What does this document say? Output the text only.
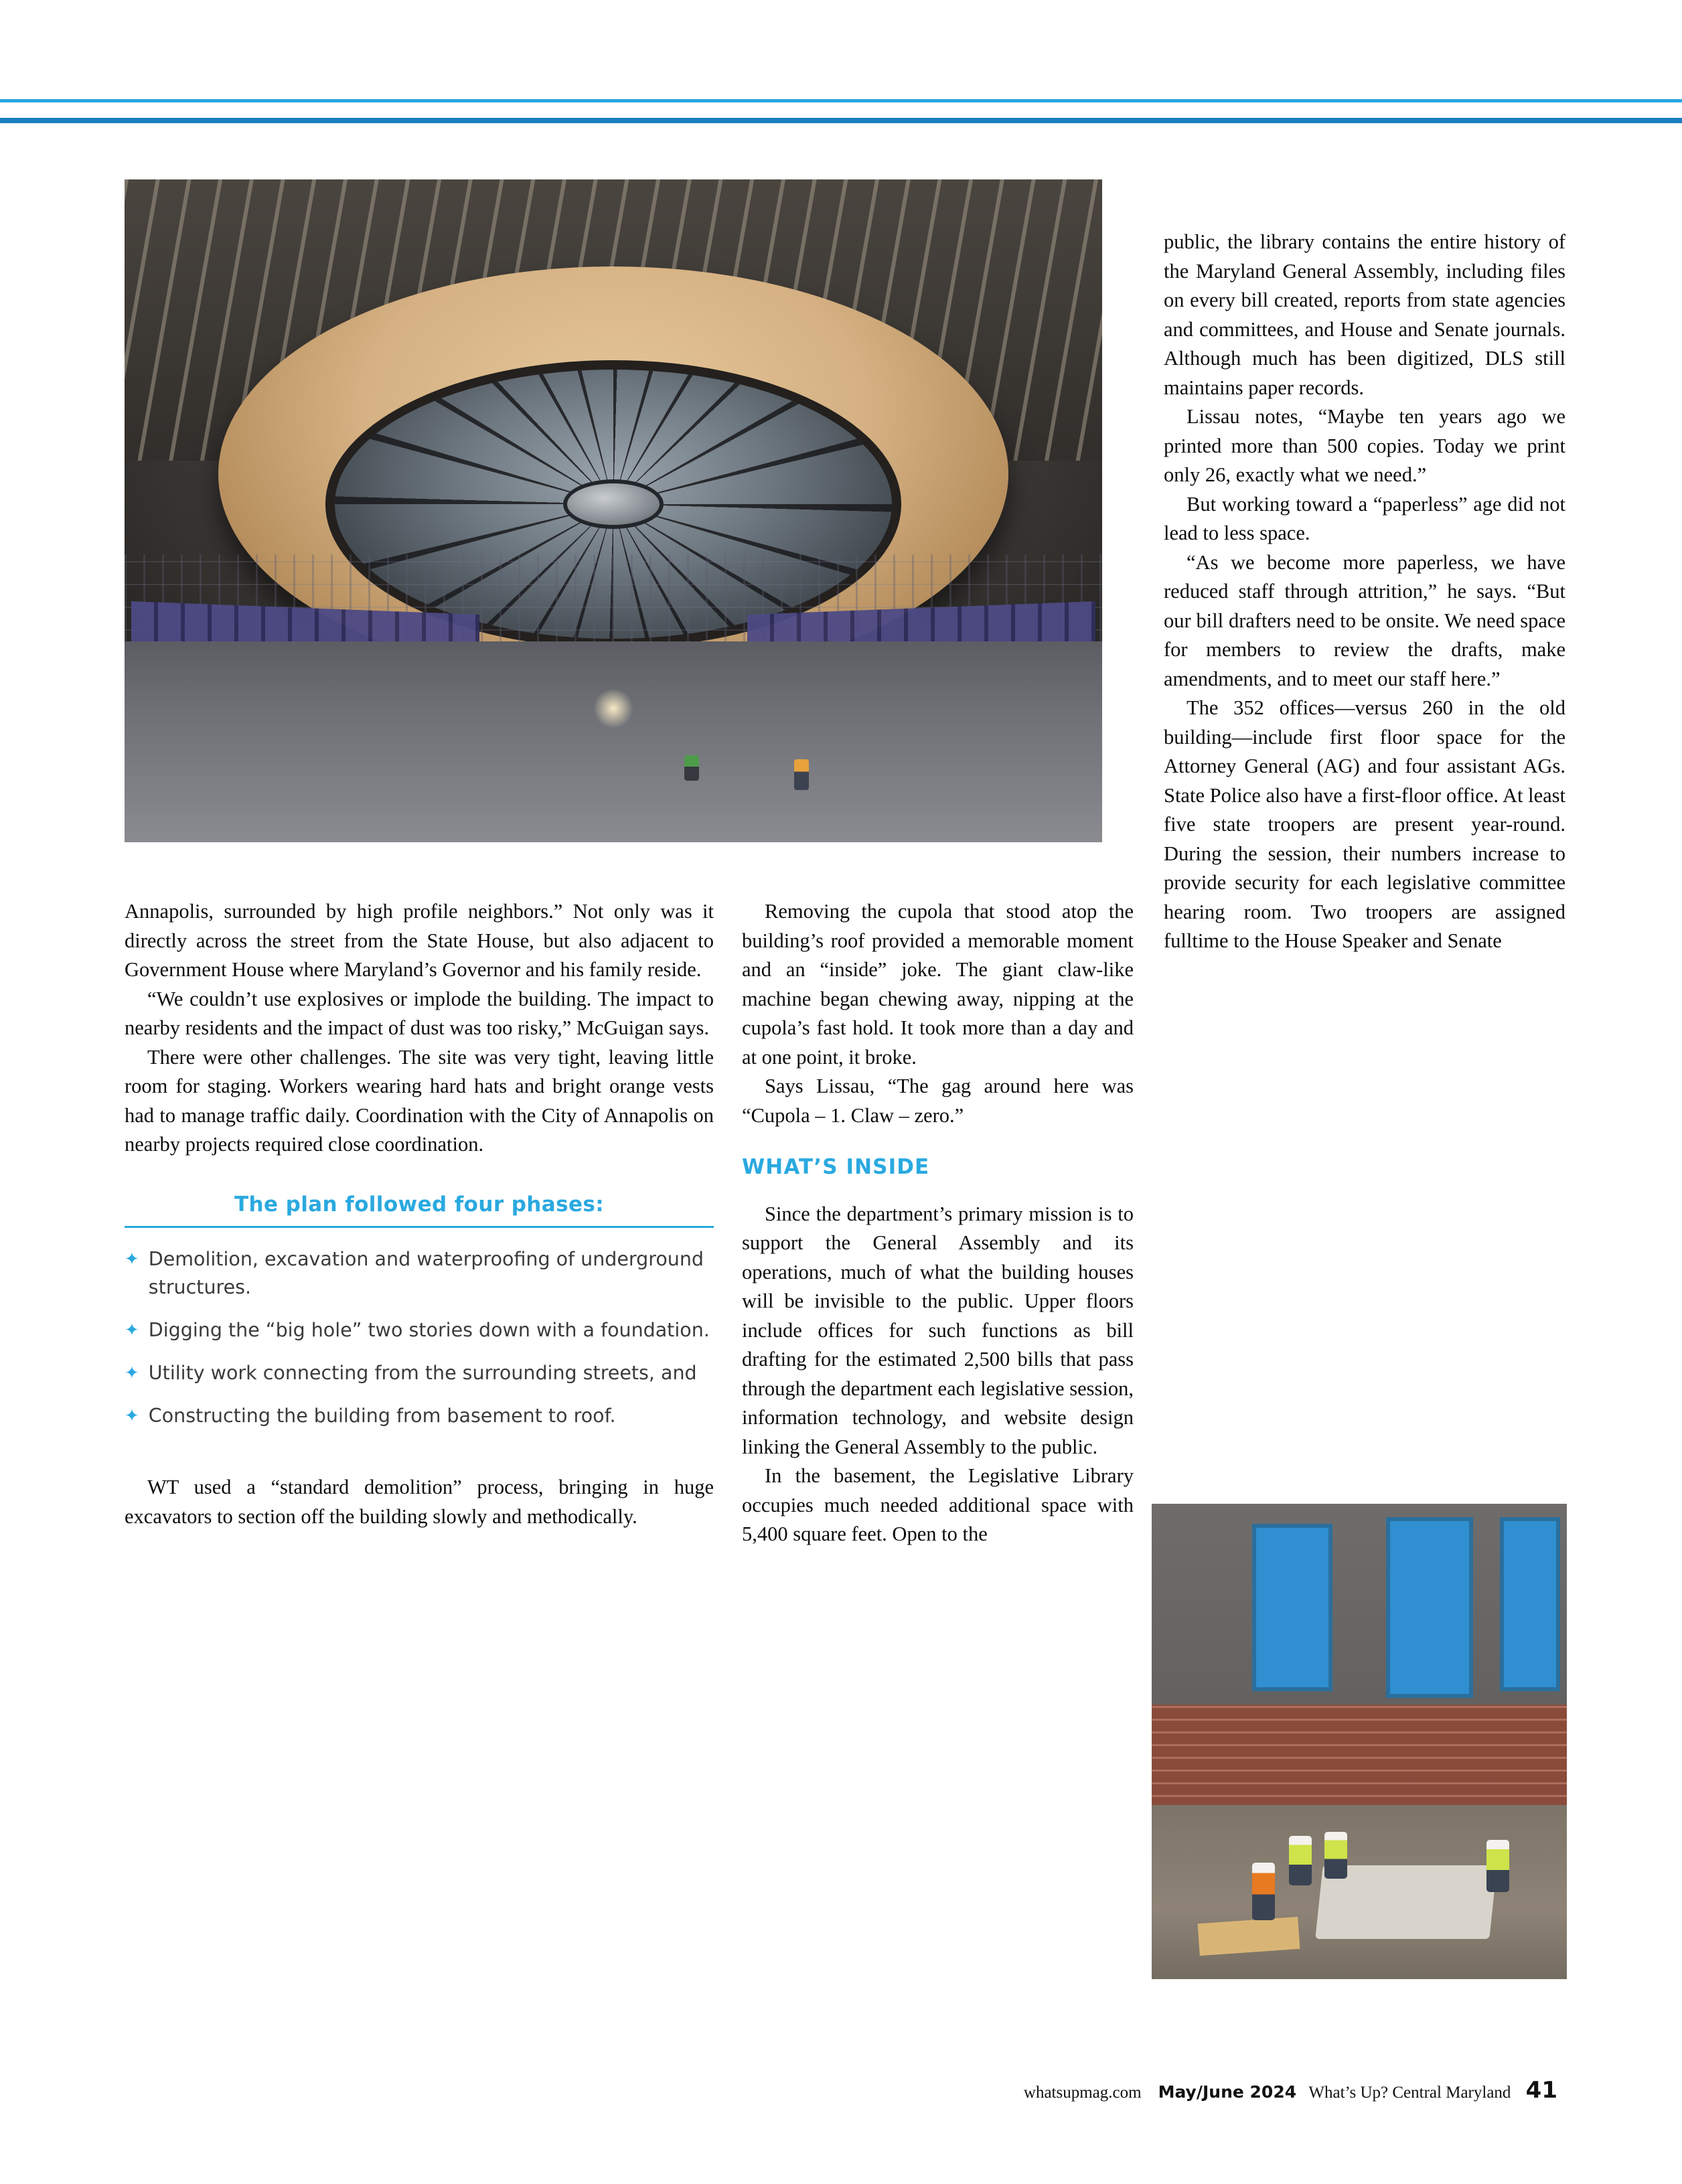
Annapolis, surrounded by high profile neighbors.” Not only was it directly across the street from the State House, but also adjacent to Government House where Maryland’s Governor and his family reside.

“We couldn’t use explosives or implode the building. The impact to nearby residents and the impact of dust was too risky,” McGuigan says.

There were other challenges. The site was very tight, leaving little room for staging. Workers wearing hard hats and bright orange vests had to manage traffic daily. Coordination with the City of Annapolis on nearby projects required close coordination.

The plan followed four phases:
✦ Demolition, excavation and waterproofing of underground structures.
✦ Digging the “big hole” two stories down with a foundation.
✦ Utility work connecting from the surrounding streets, and
✦ Constructing the building from basement to roof.

WT used a “standard demolition” process, bringing in huge excavators to section off the building slowly and methodically.

Removing the cupola that stood atop the building’s roof provided a memorable moment and an “inside” joke. The giant claw-like machine began chewing away, nipping at the cupola’s fast hold. It took more than a day and at one point, it broke.

Says Lissau, “The gag around here was “Cupola – 1. Claw – zero.”

WHAT’S INSIDE

Since the department’s primary mission is to support the General Assembly and its operations, much of what the building houses will be invisible to the public. Upper floors include offices for such functions as bill drafting for the estimated 2,500 bills that pass through the department each legislative session, information technology, and website design linking the General Assembly to the public.

In the basement, the Legislative Library occupies much needed additional space with 5,400 square feet. Open to the

public, the library contains the entire history of the Maryland General Assembly, including files on every bill created, reports from state agencies and committees, and House and Senate journals. Although much has been digitized, DLS still maintains paper records.

Lissau notes, “Maybe ten years ago we printed more than 500 copies. Today we print only 26, exactly what we need.”

But working toward a “paperless” age did not lead to less space.

“As we become more paperless, we have reduced staff through attrition,” he says. “But our bill drafters need to be onsite. We need space for members to review the drafts, make amendments, and to meet our staff here.”

The 352 offices—versus 260 in the old building—include first floor space for the Attorney General (AG) and four assistant AGs. State Police also have a first-floor office. At least five state troopers are present year-round. During the session, their numbers increase to provide security for each legislative committee hearing room. Two troopers are assigned fulltime to the House Speaker and Senate

whatsupmag.com May/June 2024 What’s Up? Central Maryland 41
